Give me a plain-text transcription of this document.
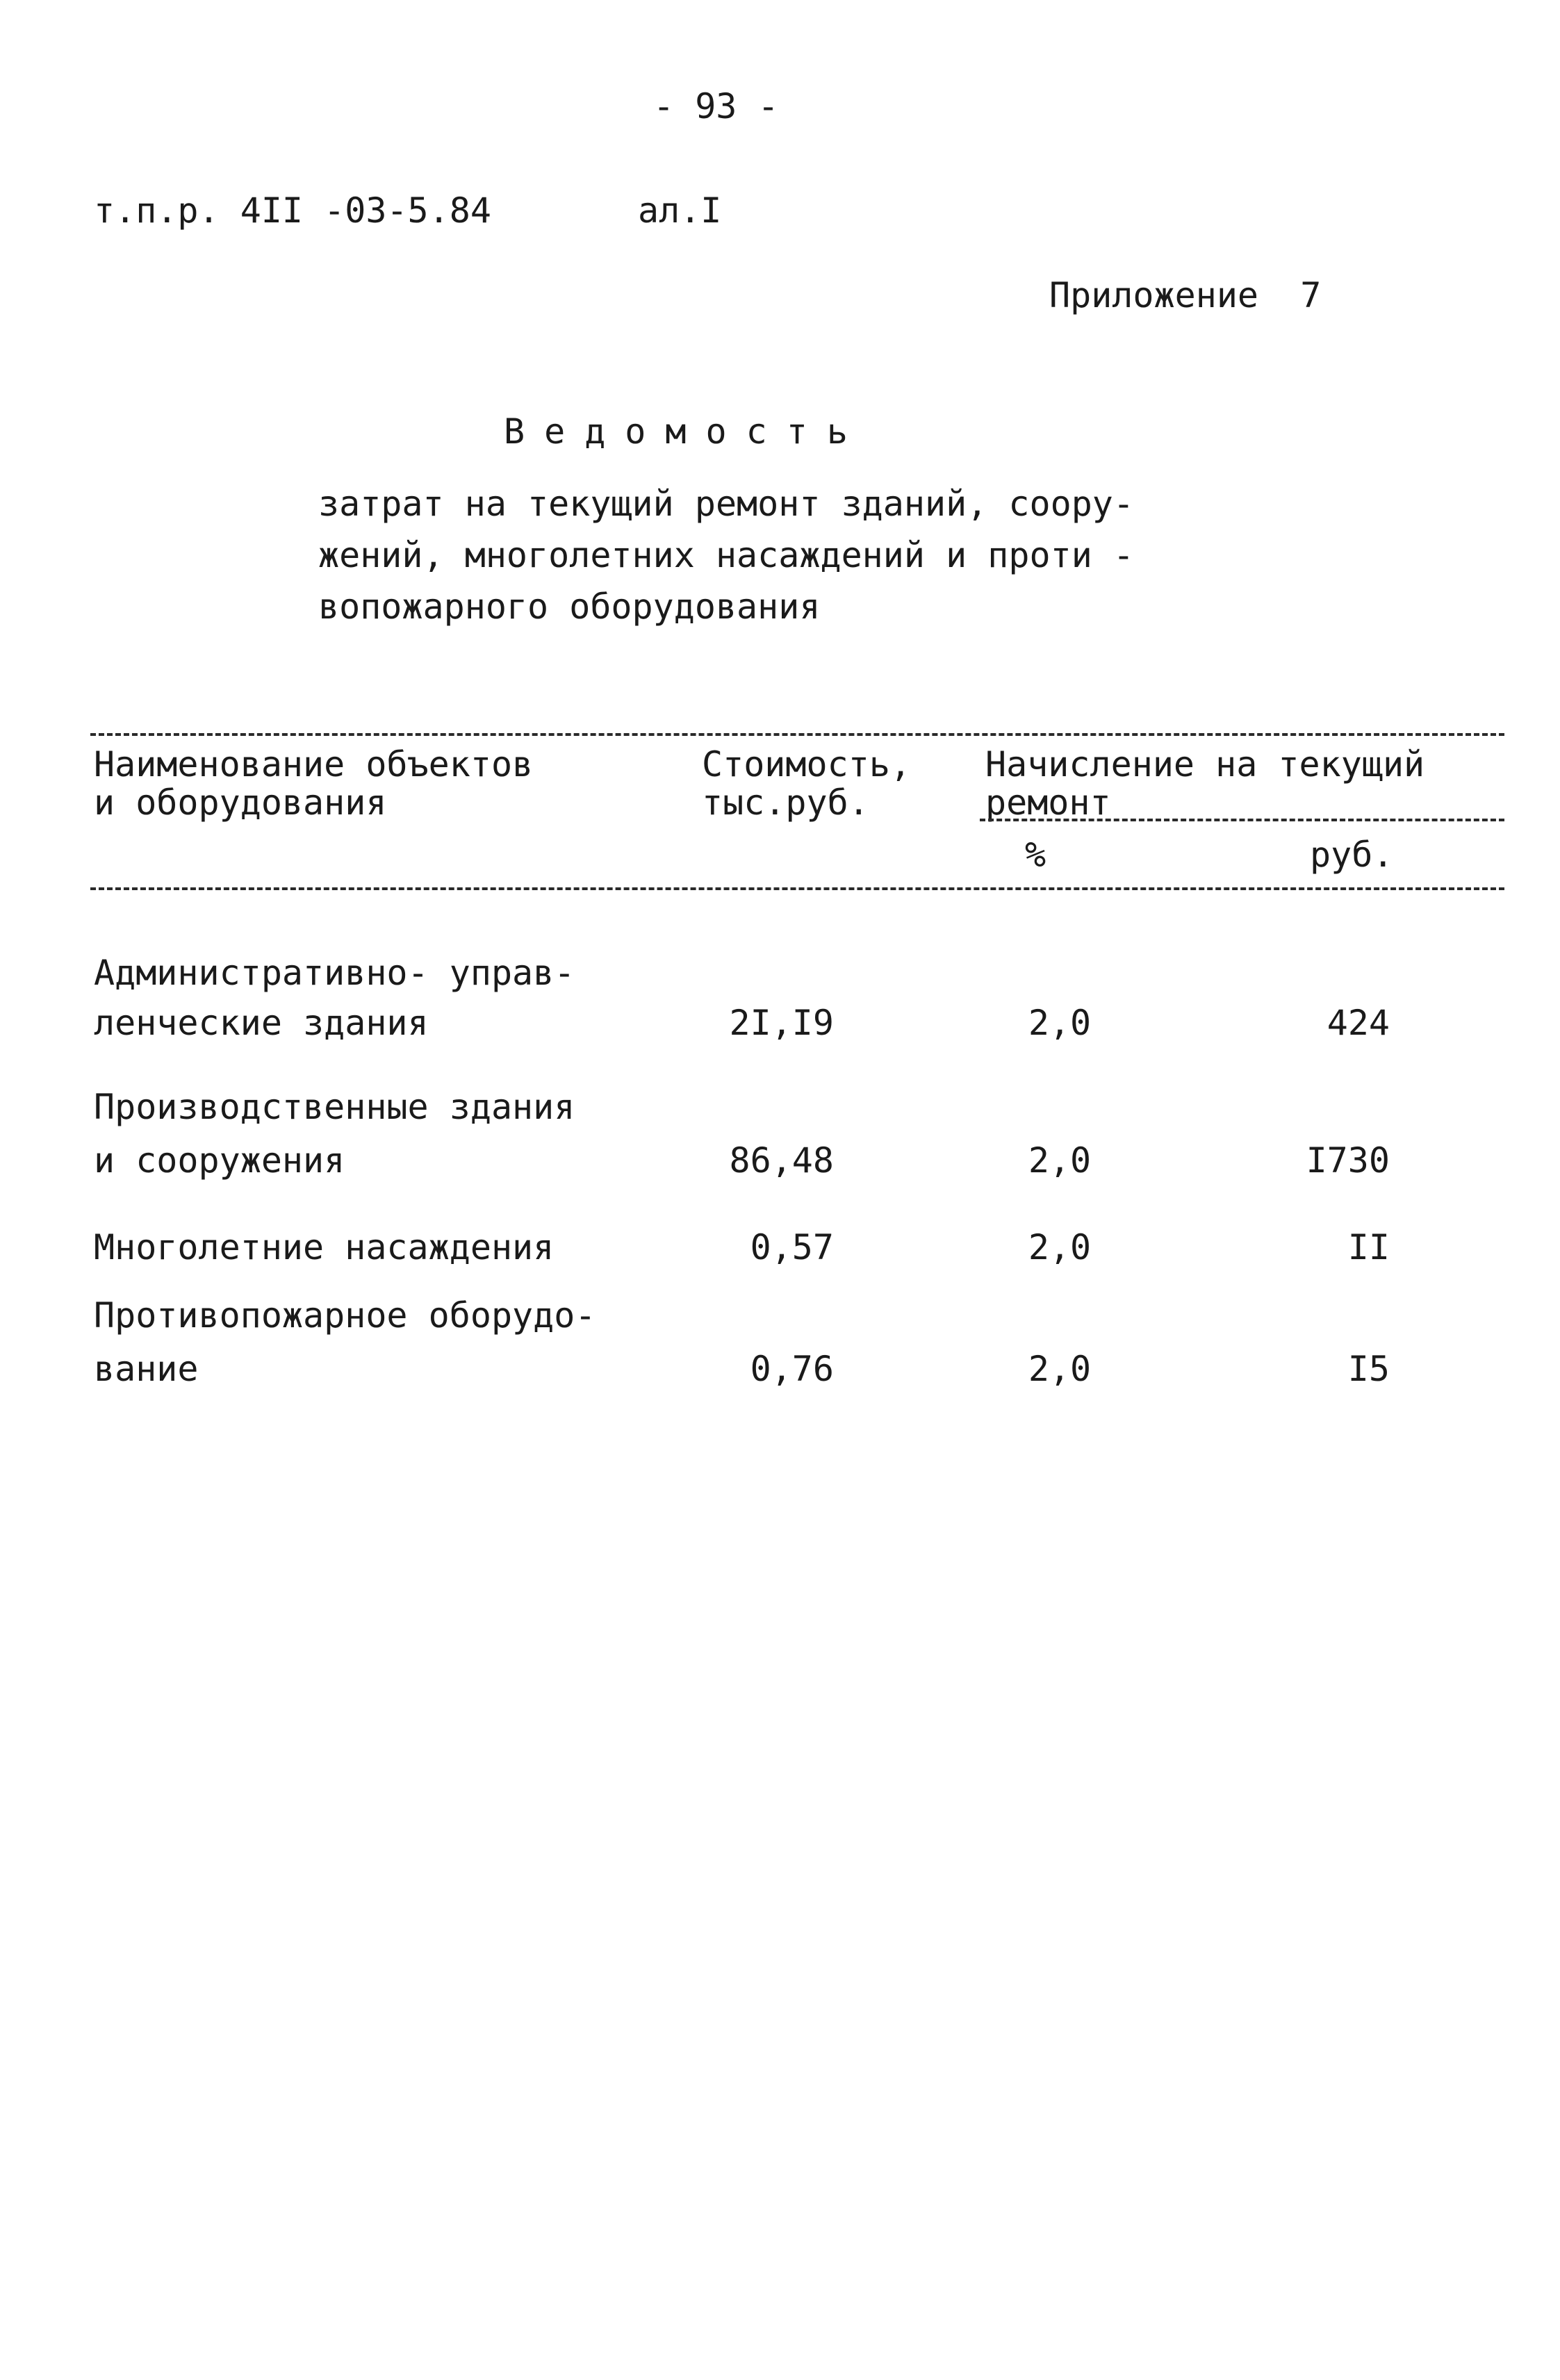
- 93 -
т.п.р. 4II -03-5.84	ал.I
Приложение  7
Ведомость
затрат на текущий ремонт зданий, соору-
жений, многолетних насаждений и проти -
вопожарного оборудования
Наименование объектов
и оборудования
Стоимость,
тыс.руб.
Начисление на текущий
ремонт
%	руб.
Административно- управ-
ленческие здания	2I,I9	2,0	424
Производственные здания
и сооружения	86,48	2,0	I730
Многолетние насаждения	0,57	2,0	II
Противопожарное оборудо-
вание	0,76	2,0	I5
